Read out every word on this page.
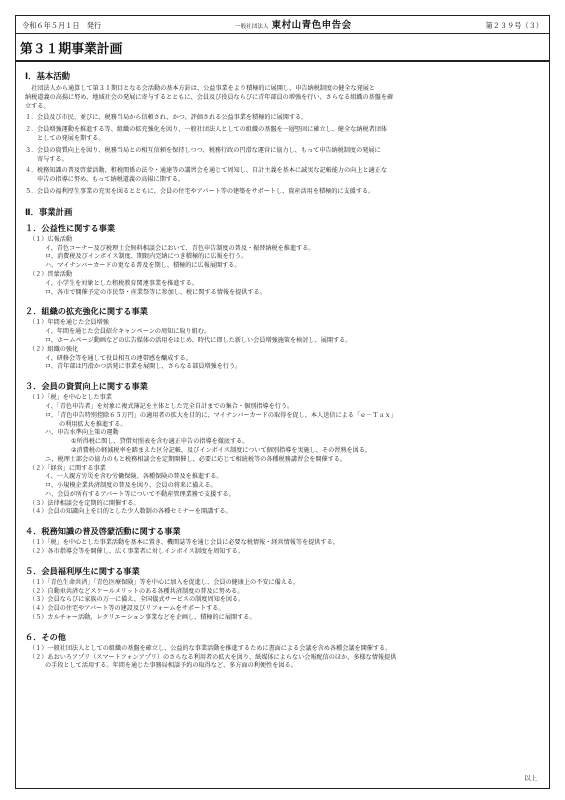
令和６年５月１日　発行	一般社団法人 東村山青色申告会	第２３９号（３）
第３１期事業計画
Ⅰ．基本活動

　社団法人から通算して第３１期目となる会活動の基本方針は、公益事業をより積極的に展開し、申告納税制度の健全な発展と

納税道義の高揚に努め、地域社会の発展に寄与するとともに、会員及び役員ならびに青年部員の増強を行い、さらなる組織の基盤を確

立する。

１． 会員及び市民、並びに、税務当局から信頼され、かつ、評価される公益事業を積極的に展開する。
２． 会員増強運動を推進する等、組織の拡充強化を図り、一般社団法人としての組織の基盤を一層堅固に確立し、健全な納税者団体
としての発展を期する。
３． 会員の資質向上を図り、税務当局との相互信頼を保持しつつ、税務行政の円滑な運営に協力し、もって申告納税制度の発展に
寄与する。
４． 税務知識の普及啓蒙活動、租税関係の法令・通達等の講習会を通じて周知し、自計主義を基本に誠実な記帳能力の向上と適正な
申告の指導に努め、もって納税道義の高揚に期する。
５． 会員の福利厚生事業の充実を図るとともに、会員の住宅やアパート等の建築をサポートし、資産活用を積極的に支援する。
Ⅱ．事業計画
１．公益性に関する事業
（１）広報活動
イ、青色コーナー及び税理士会無料相談会において、青色申告制度の普及・振替納税を推進する。
ロ、消費税及びインボイス制度、期限内完納につき積極的に広報を行う。
ハ、マイナンバーカードの更なる普及を期し、積極的に広報展開する。
（２）啓蒙活動
イ、小学生を対象とした租税教育関連事業を推進する。
ロ、各市で開催予定の市民祭・産業祭等に参加し、税に関する情報を提供する。
２．組織の拡充強化に関する事業
（１）年間を通じた会員増強
イ、年間を通じた会員紹介キャンペーンの周知に取り組む。
ロ、ホームページ動画などの広告媒体の活用をはじめ、時代に即した新しい会員増強施策を検討し、展開する。
（２）組織の強化
イ、研修会等を通して役員相互の連帯感を醸成する。
ロ、青年部は円滑かつ活発に事業を展開し、さらなる部員増強を行う。
３．会員の資質向上に関する事業
（１）「税」を中心とした事業
イ、「青色申告者」を対象に複式簿記を主体とした完全自計までの集合・個別指導を行う。
ロ、「青色申告特別控除６５万円」の適用者の拡大を目的に、マイナンバーカードの取得を促し、本人送信による「ｅ－Ｔａｘ」
の利用拡大を推進する。
ハ、申告水準向上策の運動
①所得税に関し、貸借対照表を含む適正申告の指導を徹底する。
②消費税の軽減税率を踏まえた区分記帳、及びインボイス制度について個別指導を実施し、その習熟を図る。
ニ、税理士部会の協力のもと税務相談会を定期開催し、必要に応じて相続税等の各種税務講習会を開催する。
（２）「経営」に関する事業
イ、一人親方労災を含む労働保険、各種保険の普及を推進する。
ロ、小規模企業共済制度の普及を図り、会員の将来に備える。
ハ、会員が所有するアパート等について不動産管理業務で支援する。
（３）法律相談会を定期的に開催する。
（４）会員の知識向上を目的とした少人数制の各種セミナーを開講する。
４．税務知識の普及啓蒙活動に関する事業
（１）「税」を中心とした事業活動を基本に置き、機関誌等を通じ会員に必要な税情報・経営情報等を提供する。
（２）各市指導会等を開催し、広く事業者に対しインボイス制度を周知する。
５．会員福利厚生に関する事業
（１）「青色生命共済」「青色医療保険」等を中心に加入を促進し、会員の健康上の不安に備える。
（２）自動車共済などスケールメリットのある各種共済制度の普及に努める。
（３）会員ならびに家族の万一に備え、全国儀式サービスの制度周知を図る。
（４）会員の住宅やアパート等の建設及びリフォームをサポートする。
（５）カルチャー活動、レクリエーション事業などを企画し、積極的に展開する。
６．その他
（１）一般社団法人としての組織の基盤を確立し、公益的な事業活動を推進するために書面による会議を含め各種会議を開催する。
（２）あおいろアプリ（スマートフォンアプリ）のさらなる利用者の拡大を図り、紙媒体によらない会報配信のほか、多様な情報提供
の手段として活用する。年間を通じた事務局相談予約の取得など、多方面の利便性を図る。
以上
